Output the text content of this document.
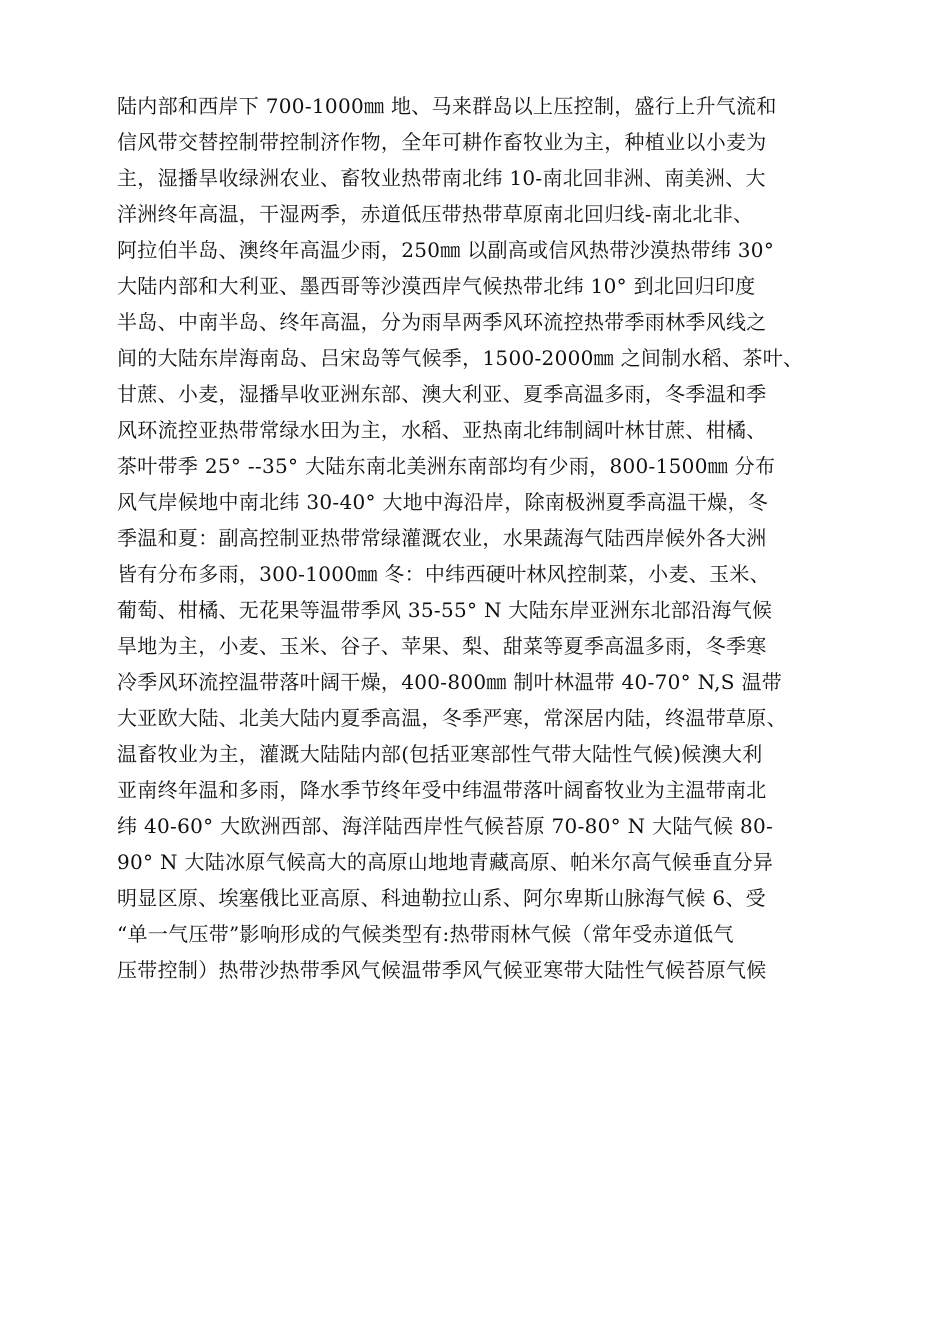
陆内部和西岸下 700-1000㎜ 地、马来群岛以上压控制，盛行上升气流和
信风带交替控制带控制济作物，全年可耕作畜牧业为主，种植业以小麦为
主，湿播旱收绿洲农业、畜牧业热带南北纬 10-南北回非洲、南美洲、大
洋洲终年高温，干湿两季，赤道低压带热带草原南北回归线-南北北非、
阿拉伯半岛、澳终年高温少雨，250㎜ 以副高或信风热带沙漠热带纬 30°
大陆内部和大利亚、墨西哥等沙漠西岸气候热带北纬 10° 到北回归印度
半岛、中南半岛、终年高温，分为雨旱两季风环流控热带季雨林季风线之
间的大陆东岸海南岛、吕宋岛等气候季，1500-2000㎜ 之间制水稻、茶叶、
甘蔗、小麦，湿播旱收亚洲东部、澳大利亚、夏季高温多雨，冬季温和季
风环流控亚热带常绿水田为主，水稻、亚热南北纬制阔叶林甘蔗、柑橘、
茶叶带季 25° --35° 大陆东南北美洲东南部均有少雨，800-1500㎜ 分布
风气岸候地中南北纬 30-40° 大地中海沿岸，除南极洲夏季高温干燥，冬
季温和夏：副高控制亚热带常绿灌溉农业，水果蔬海气陆西岸候外各大洲
皆有分布多雨，300-1000㎜ 冬：中纬西硬叶林风控制菜，小麦、玉米、
葡萄、柑橘、无花果等温带季风 35-55° N 大陆东岸亚洲东北部沿海气候
旱地为主，小麦、玉米、谷子、苹果、梨、甜菜等夏季高温多雨，冬季寒
冷季风环流控温带落叶阔干燥，400-800㎜ 制叶林温带 40-70° N,S 温带
大亚欧大陆、北美大陆内夏季高温，冬季严寒，常深居内陆，终温带草原、
温畜牧业为主，灌溉大陆陆内部(包括亚寒部性气带大陆性气候)候澳大利
亚南终年温和多雨，降水季节终年受中纬温带落叶阔畜牧业为主温带南北
纬 40-60° 大欧洲西部、海洋陆西岸性气候苔原 70-80° N 大陆气候 80-
90° N 大陆冰原气候高大的高原山地地青藏高原、帕米尔高气候垂直分异
明显区原、埃塞俄比亚高原、科迪勒拉山系、阿尔卑斯山脉海气候 6、受
“单一气压带”影响形成的气候类型有:热带雨林气候（常年受赤道低气
压带控制）热带沙热带季风气候温带季风气候亚寒带大陆性气候苔原气候
